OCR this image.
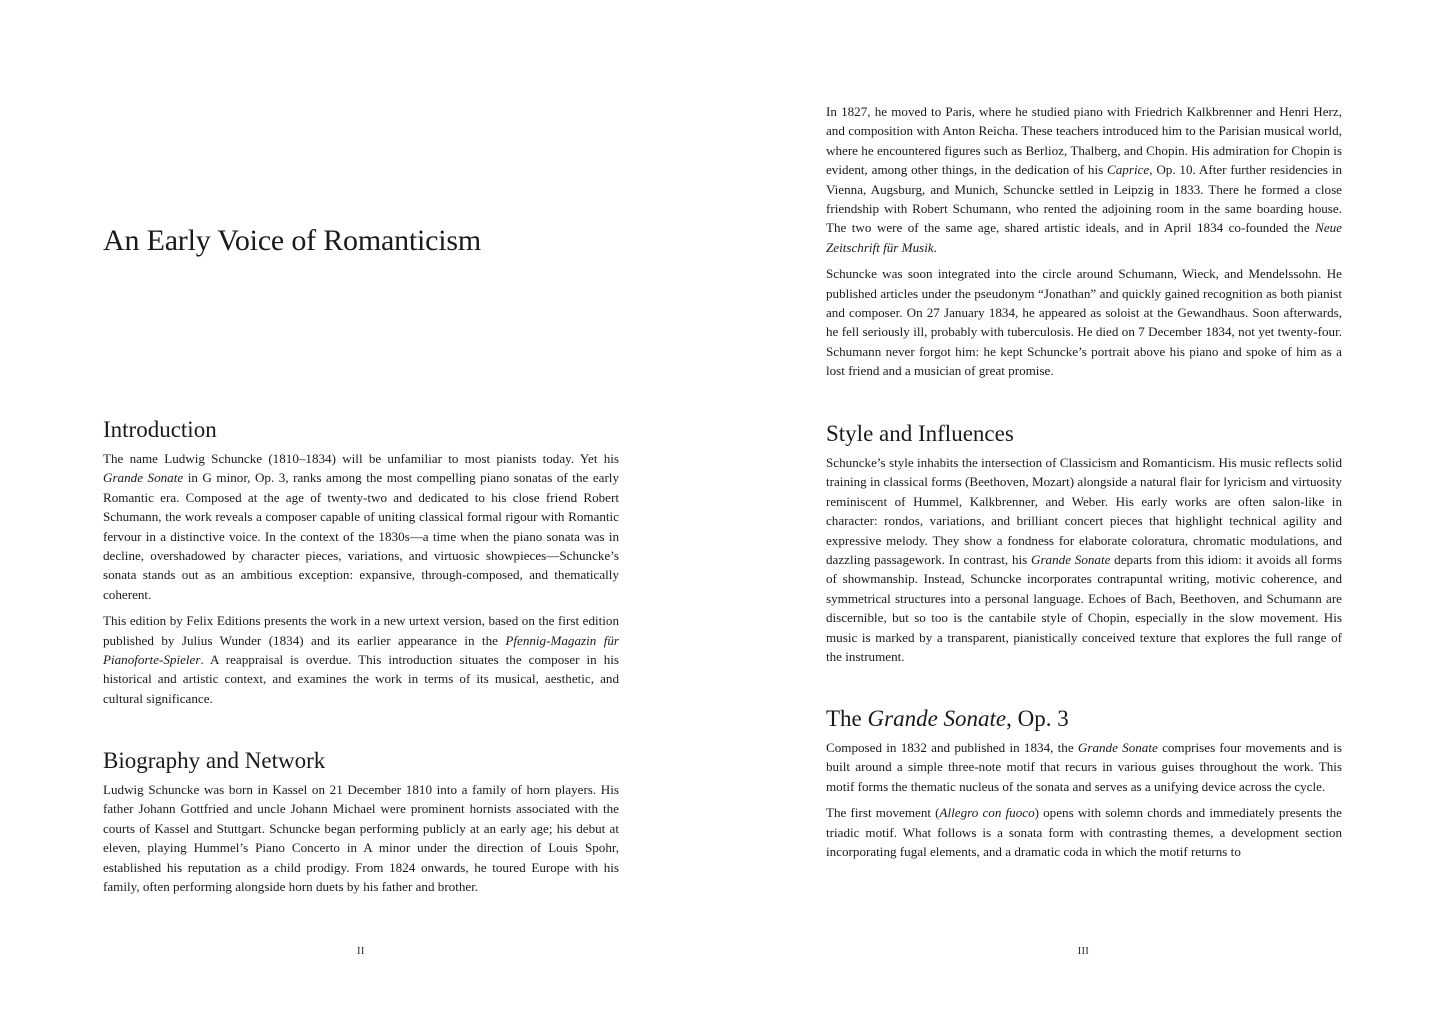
An Early Voice of Romanticism
Introduction

The name Ludwig Schuncke (1810–1834) will be unfamiliar to most pianists today. Yet his Grande Sonate in G minor, Op. 3, ranks among the most compelling piano sonatas of the early Romantic era. Composed at the age of twenty-two and dedicated to his close friend Robert Schumann, the work reveals a composer capable of uniting classical formal rigour with Romantic fervour in a distinctive voice. In the context of the 1830s—a time when the piano sonata was in decline, overshadowed by character pieces, variations, and virtuosic showpieces—Schuncke’s sonata stands out as an ambitious exception: expansive, through-composed, and thematically coherent.

This edition by Felix Editions presents the work in a new urtext version, based on the first edition published by Julius Wunder (1834) and its earlier appearance in the Pfennig-Magazin für Pianoforte-Spieler. A reappraisal is overdue. This introduction situates the composer in his historical and artistic context, and examines the work in terms of its musical, aesthetic, and cultural significance.

Biography and Network

Ludwig Schuncke was born in Kassel on 21 December 1810 into a family of horn players. His father Johann Gottfried and uncle Johann Michael were prominent hornists associated with the courts of Kassel and Stuttgart. Schuncke began performing publicly at an early age; his debut at eleven, playing Hummel’s Piano Concerto in A minor under the direction of Louis Spohr, established his reputation as a child prodigy. From 1824 onwards, he toured Europe with his family, often performing alongside horn duets by his father and brother.

II

In 1827, he moved to Paris, where he studied piano with Friedrich Kalkbrenner and Henri Herz, and composition with Anton Reicha. These teachers introduced him to the Parisian musical world, where he encountered figures such as Berlioz, Thalberg, and Chopin. His admiration for Chopin is evident, among other things, in the dedication of his Caprice, Op. 10. After further residencies in Vienna, Augsburg, and Munich, Schuncke settled in Leipzig in 1833. There he formed a close friendship with Robert Schumann, who rented the adjoining room in the same boarding house. The two were of the same age, shared artistic ideals, and in April 1834 co-founded the Neue Zeitschrift für Musik.

Schuncke was soon integrated into the circle around Schumann, Wieck, and Mendelssohn. He published articles under the pseudonym “Jonathan” and quickly gained recognition as both pianist and composer. On 27 January 1834, he appeared as soloist at the Gewandhaus. Soon afterwards, he fell seriously ill, probably with tuberculosis. He died on 7 December 1834, not yet twenty-four. Schumann never forgot him: he kept Schuncke’s portrait above his piano and spoke of him as a lost friend and a musician of great promise.

Style and Influences

Schuncke’s style inhabits the intersection of Classicism and Romanticism. His music reflects solid training in classical forms (Beethoven, Mozart) alongside a natural flair for lyricism and virtuosity reminiscent of Hummel, Kalkbrenner, and Weber. His early works are often salon-like in character: rondos, variations, and brilliant concert pieces that highlight technical agility and expressive melody. They show a fondness for elaborate coloratura, chromatic modulations, and dazzling passagework. In contrast, his Grande Sonate departs from this idiom: it avoids all forms of showmanship. Instead, Schuncke incorporates contrapuntal writing, motivic coherence, and symmetrical structures into a personal language. Echoes of Bach, Beethoven, and Schumann are discernible, but so too is the cantabile style of Chopin, especially in the slow movement. His music is marked by a transparent, pianistically conceived texture that explores the full range of the instrument.

The Grande Sonate, Op. 3

Composed in 1832 and published in 1834, the Grande Sonate comprises four movements and is built around a simple three-note motif that recurs in various guises throughout the work. This motif forms the thematic nucleus of the sonata and serves as a unifying device across the cycle.

The first movement (Allegro con fuoco) opens with solemn chords and immediately presents the triadic motif. What follows is a sonata form with contrasting themes, a development section incorporating fugal elements, and a dramatic coda in which the motif returns to

III
